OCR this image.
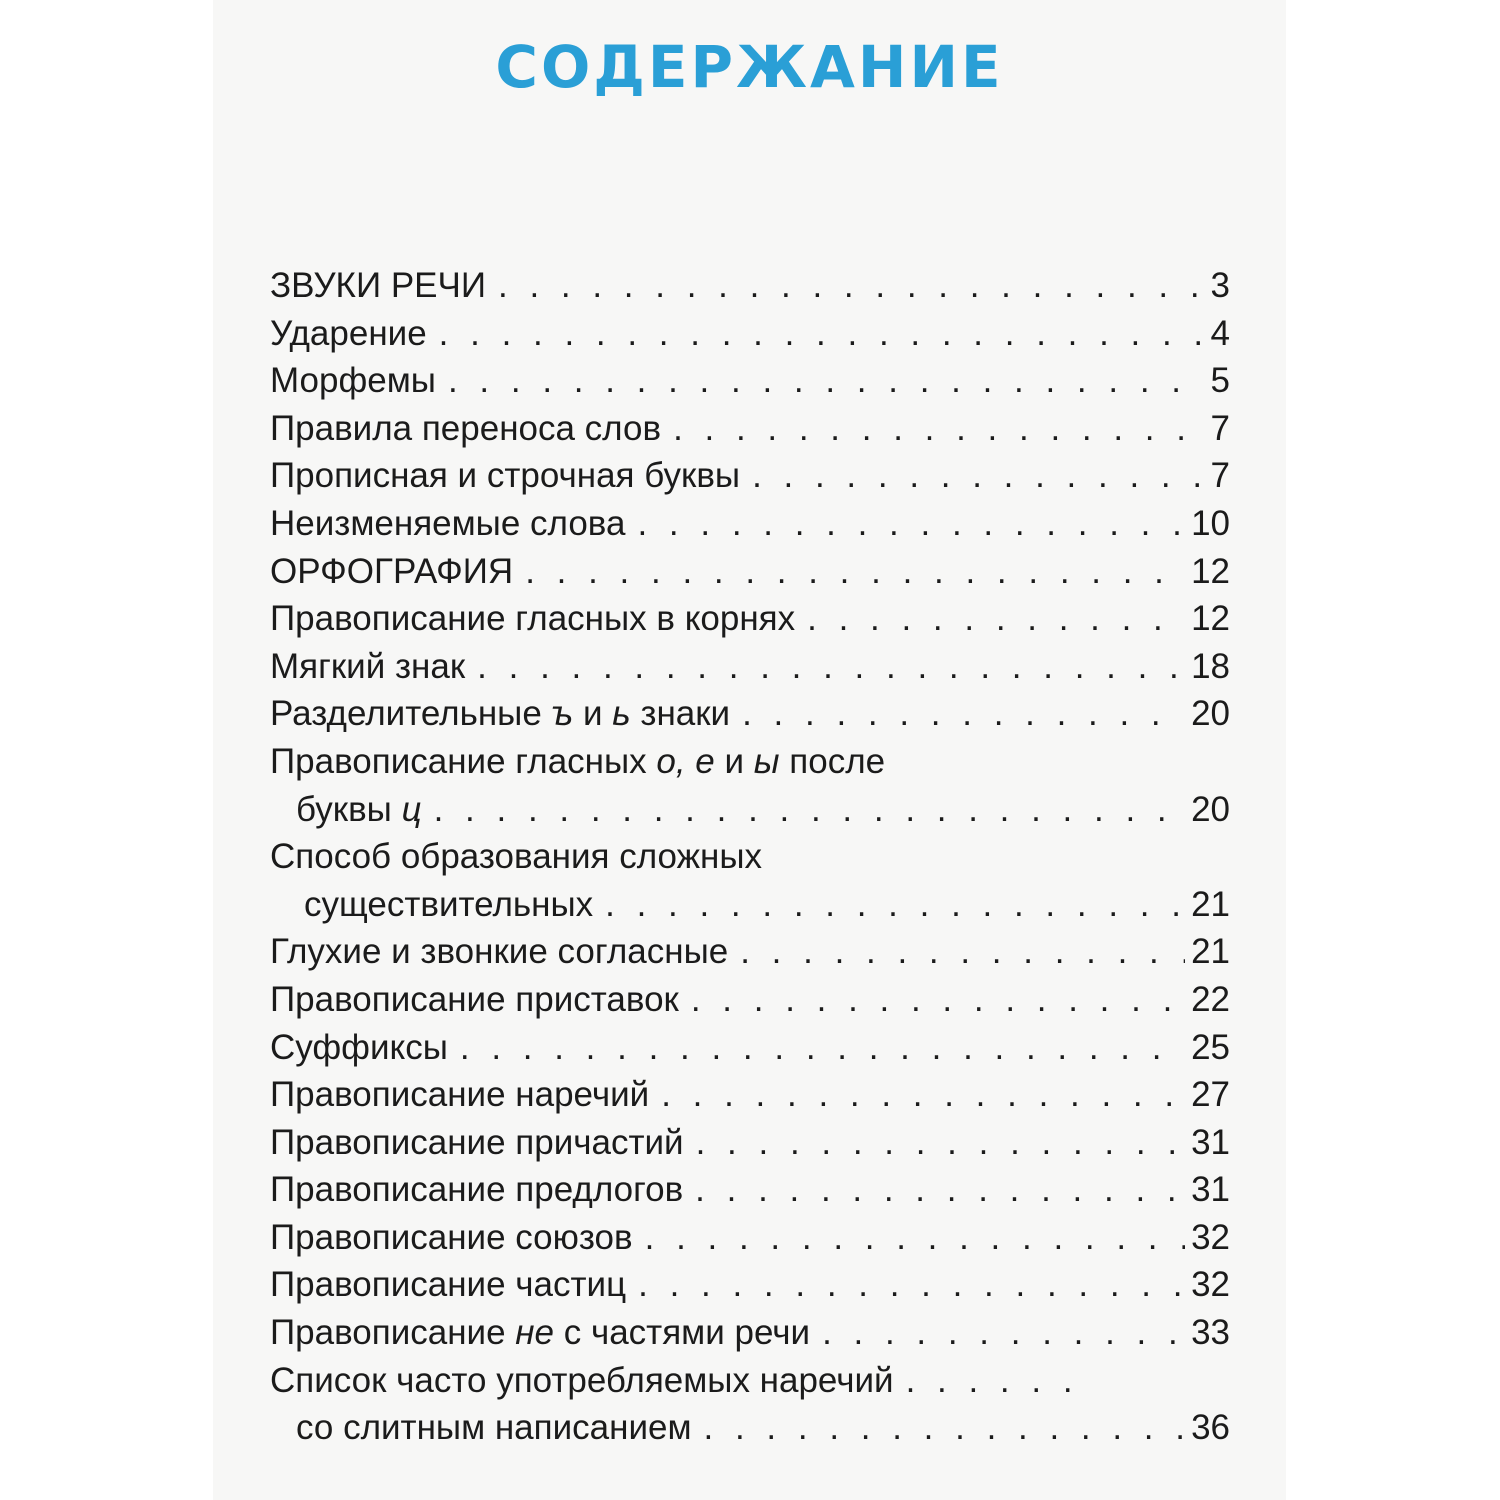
СОДЕРЖАНИЕ
ЗВУКИ РЕЧИ . . .	3
Ударение . . .	4
Морфемы . . .	5
Правила переноса слов . . .	7
Прописная и строчная буквы . . .	7
Неизменяемые слова . . .	10
ОРФОГРАФИЯ . . .	12
Правописание гласных в корнях . . .	12
Мягкий знак . . .	18
Разделительные ъ и ь знаки . . .	20
Правописание гласных о, е и ы после
буквы ц . . .	20
Способ образования сложных
существительных . . .	21
Глухие и звонкие согласные . . .	21
Правописание приставок . . .	22
Суффиксы . . .	25
Правописание наречий . . .	27
Правописание причастий . . .	31
Правописание предлогов . . .	31
Правописание союзов . . .	32
Правописание частиц . . .	32
Правописание не с частями речи . . .	33
Список часто употребляемых наречий
. . .
со слитным написанием . . .	36
